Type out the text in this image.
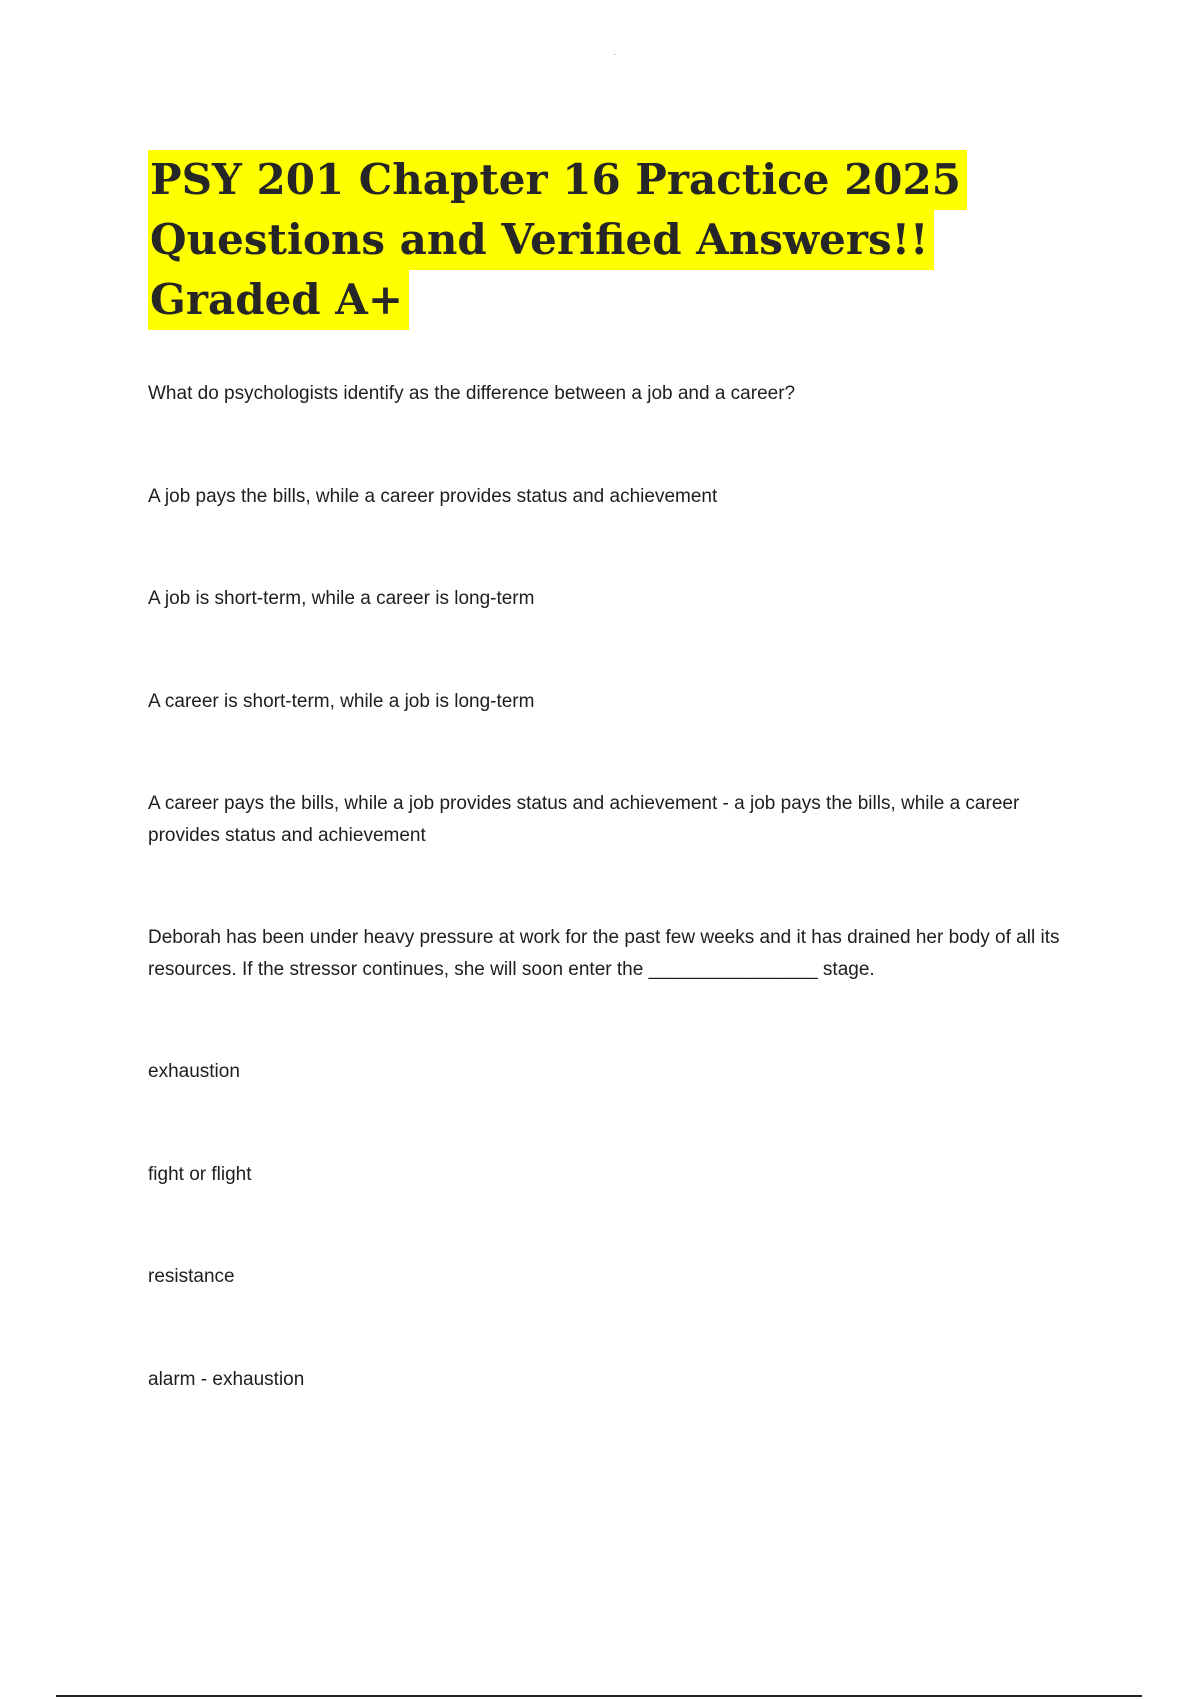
PSY 201 Chapter 16 Practice 2025
Questions and Verified Answers!!
Graded A+
What do psychologists identify as the difference between a job and a career?
A job pays the bills, while a career provides status and achievement
A job is short-term, while a career is long-term
A career is short-term, while a job is long-term
A career pays the bills, while a job provides status and achievement - a job pays the bills, while a career provides status and achievement
Deborah has been under heavy pressure at work for the past few weeks and it has drained her body of all its resources. If the stressor continues, she will soon enter the ________________ stage.
exhaustion
fight or flight
resistance
alarm - exhaustion
